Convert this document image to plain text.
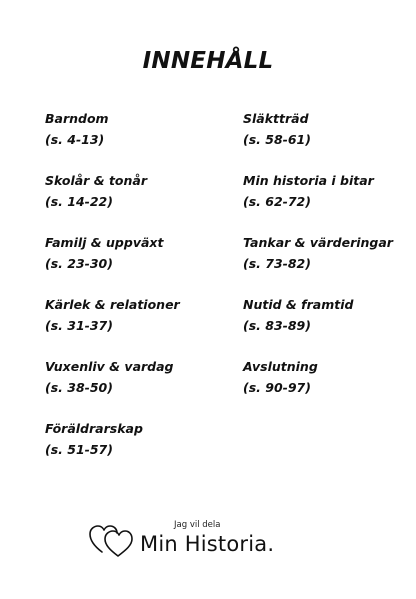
INNEHÅLL
Barndom
(s. 4-13)
Skolår & tonår
(s. 14-22)
Familj & uppväxt
(s. 23-30)
Kärlek & relationer
(s. 31-37)
Vuxenliv & vardag
(s. 38-50)
Föräldrarskap
(s. 51-57)
Släktträd
(s. 58-61)
Min historia i bitar
(s. 62-72)
Tankar & värderingar
(s. 73-82)
Nutid & framtid
(s. 83-89)
Avslutning
(s. 90-97)
Jag vil dela
Min Historia.
